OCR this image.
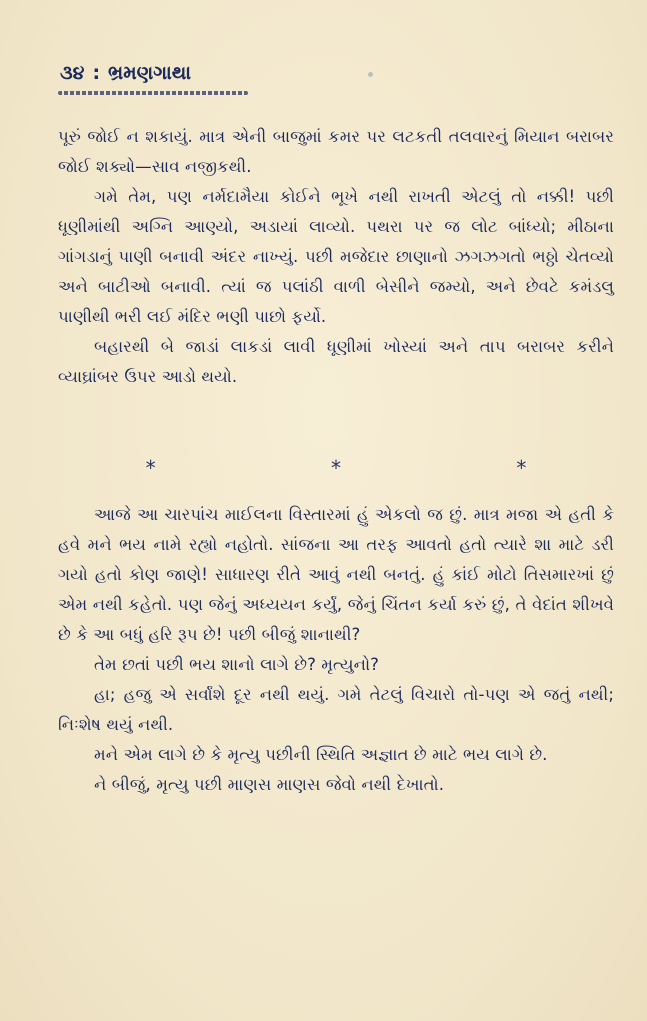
૩૪ : ભ્રમણગાથા

પૂરું જોઈ ન શકાયું. માત્ર એની બાજુમાં કમર પર લટકતી તલવારનું મિયાન બરાબર જોઈ શક્યો—સાવ નજીકથી.

ગમે તેમ, પણ નર્મદામૈયા કોઈને ભૂખે નથી રાખતી એટલું તો નક્કી! પછી ધૂણીમાંથી અગ્નિ આણ્યો, અડાયાં લાવ્યો. પથરા પર જ લોટ બાંધ્યો; મીઠાના ગાંગડાનું પાણી બનાવી અંદર નાખ્યું. પછી મજેદાર છાણાનો ઝગઝગતો ભઠ્ઠો ચેતવ્યો અને બાટીઓ બનાવી. ત્યાં જ પલાંઠી વાળી બેસીને જમ્યો, અને છેવટે કમંડલુ પાણીથી ભરી લઈ મંદિર ભણી પાછો ફર્યો.

બહારથી બે જાડાં લાકડાં લાવી ધૂણીમાં ખોસ્યાં અને તાપ બરાબર કરીને વ્યાઘ્રાંબર ઉપર આડો થયો.

*	*	*

આજે આ ચારપાંચ માઈલના વિસ્તારમાં હું એકલો જ છું. માત્ર મજા એ હતી કે હવે મને ભય નામે રહ્યો નહોતો. સાંજના આ તરફ આવતો હતો ત્યારે શા માટે ડરી ગયો હતો કોણ જાણે! સાધારણ રીતે આવું નથી બનતું. હું કાંઈ મોટો તિસમારખાં છું એમ નથી કહેતો. પણ જેનું અધ્યયન કર્યું, જેનું ચિંતન કર્યા કરું છું, તે વેદાંત શીખવે છે કે આ બધું હરિ રૂપ છે! પછી બીજું શાનાથી?

તેમ છતાં પછી ભય શાનો લાગે છે? મૃત્યુનો?

હા; હજુ એ સર્વાંશે દૂર નથી થયું. ગમે તેટલું વિચારો તો-પણ એ જતું નથી; નિઃશેષ થયું નથી.

મને એમ લાગે છે કે મૃત્યુ પછીની સ્થિતિ અજ્ઞાત છે માટે ભય લાગે છે.

ને બીજું, મૃત્યુ પછી માણસ માણસ જેવો નથી દેખાતો.
